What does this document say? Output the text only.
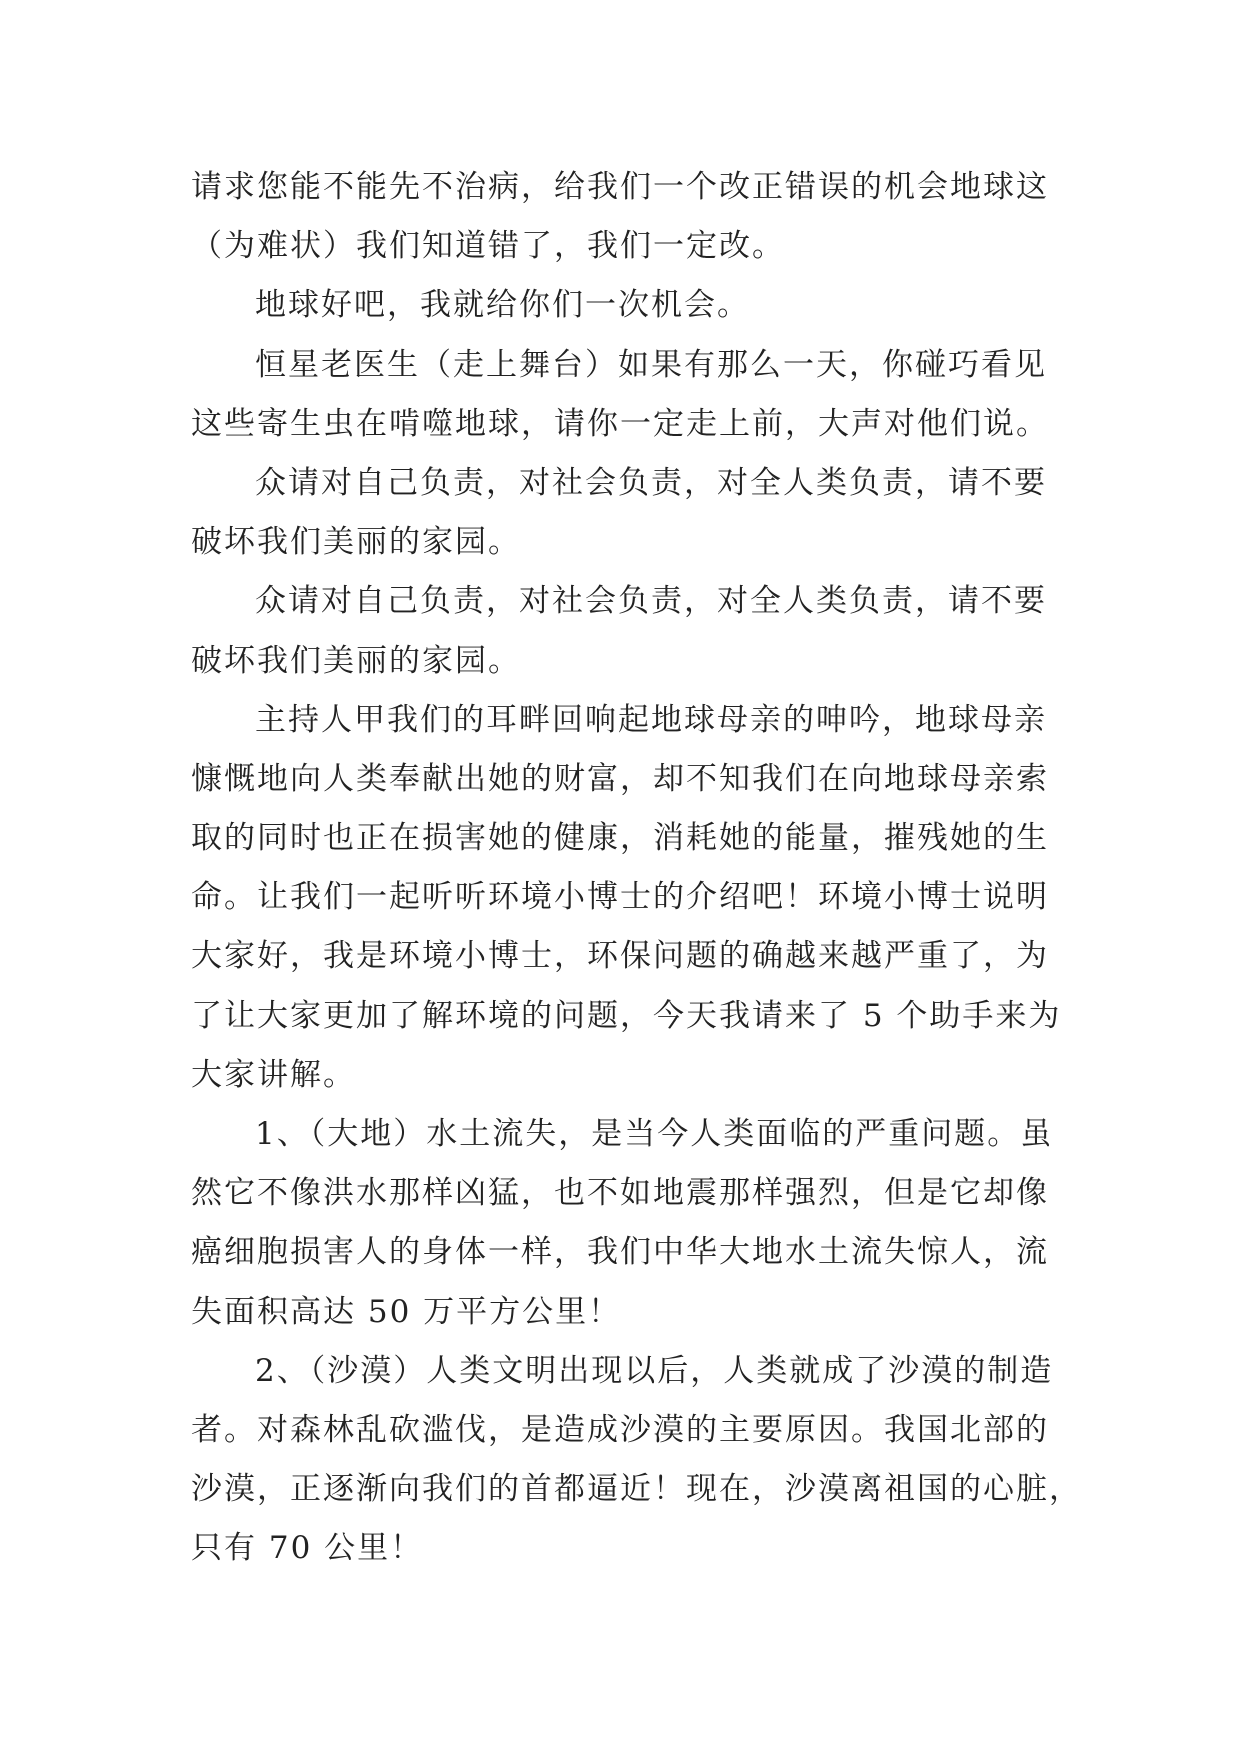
请求您能不能先不治病，给我们一个改正错误的机会地球这
（为难状）我们知道错了，我们一定改。
地球好吧，我就给你们一次机会。
恒星老医生（走上舞台）如果有那么一天，你碰巧看见
这些寄生虫在啃噬地球，请你一定走上前，大声对他们说。
众请对自己负责，对社会负责，对全人类负责，请不要
破坏我们美丽的家园。
众请对自己负责，对社会负责，对全人类负责，请不要
破坏我们美丽的家园。
主持人甲我们的耳畔回响起地球母亲的呻吟，地球母亲
慷慨地向人类奉献出她的财富，却不知我们在向地球母亲索
取的同时也正在损害她的健康，消耗她的能量，摧残她的生
命。让我们一起听听环境小博士的介绍吧！环境小博士说明
大家好，我是环境小博士，环保问题的确越来越严重了，为
了让大家更加了解环境的问题，今天我请来了 5 个助手来为
大家讲解。
1、（大地）水土流失，是当今人类面临的严重问题。虽
然它不像洪水那样凶猛，也不如地震那样强烈，但是它却像
癌细胞损害人的身体一样，我们中华大地水土流失惊人，流
失面积高达 50 万平方公里！
2、（沙漠）人类文明出现以后，人类就成了沙漠的制造
者。对森林乱砍滥伐，是造成沙漠的主要原因。我国北部的
沙漠，正逐渐向我们的首都逼近！现在，沙漠离祖国的心脏，
只有 70 公里！
